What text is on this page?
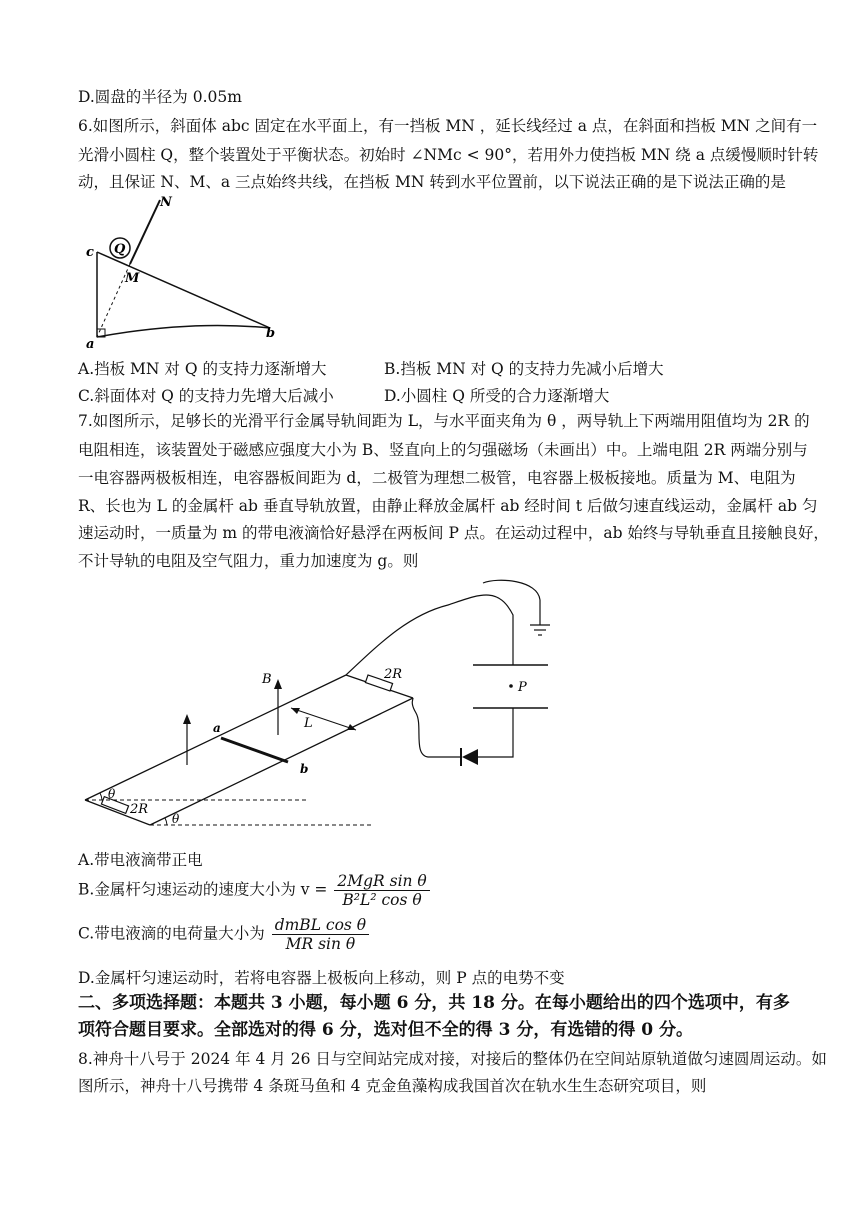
D.圆盘的半径为 0.05m
6.如图所示，斜面体 abc 固定在水平面上，有一挡板 MN ，延长线经过 a 点，在斜面和挡板 MN 之间有一
光滑小圆柱 Q，整个装置处于平衡状态。初始时 ∠NMc < 90°，若用外力使挡板 MN 绕 a 点缓慢顺时针转
动，且保证 N、M、a 三点始终共线，在挡板 MN 转到水平位置前，以下说法正确的是下说法正确的是
Q
N
c
M
a
b
A.挡板 MN 对 Q 的支持力逐渐增大	B.挡板 MN 对 Q 的支持力先减小后增大
C.斜面体对 Q 的支持力先增大后减小	D.小圆柱 Q 所受的合力逐渐增大
7.如图所示，足够长的光滑平行金属导轨间距为 L，与水平面夹角为 θ ，两导轨上下两端用阻值均为 2R 的
电阻相连，该装置处于磁感应强度大小为 B、竖直向上的匀强磁场（未画出）中。上端电阻 2R 两端分别与
一电容器两极板相连，电容器板间距为 d，二极管为理想二极管，电容器上极板接地。质量为 M、电阻为
R、长也为 L 的金属杆 ab 垂直导轨放置，由静止释放金属杆 ab 经时间 t 后做匀速直线运动，金属杆 ab 匀
速运动时，一质量为 m 的带电液滴恰好悬浮在两板间 P 点。在运动过程中，ab 始终与导轨垂直且接触良好，
不计导轨的电阻及空气阻力，重力加速度为 g。则
2R
θ
θ
2R
a
b
B
L
P
A.带电液滴带正电
B.金属杆匀速运动的速度大小为 $v = \frac{\text{2MgR sin θ}}{\text{B²L² cos θ}}$
C.带电液滴的电荷量大小为 $\frac{\text{dmBL cos θ}}{\text{MR sin θ}}$
D.金属杆匀速运动时，若将电容器上极板向上移动，则 P 点的电势不变
二、多项选择题：本题共 3 小题，每小题 6 分，共 18 分。在每小题给出的四个选项中，有多
项符合题目要求。全部选对的得 6 分，选对但不全的得 3 分，有选错的得 0 分。
8.神舟十八号于 2024 年 4 月 26 日与空间站完成对接，对接后的整体仍在空间站原轨道做匀速圆周运动。如
图所示，神舟十八号携带 4 条斑马鱼和 4 克金鱼藻构成我国首次在轨水生生态研究项目，则
